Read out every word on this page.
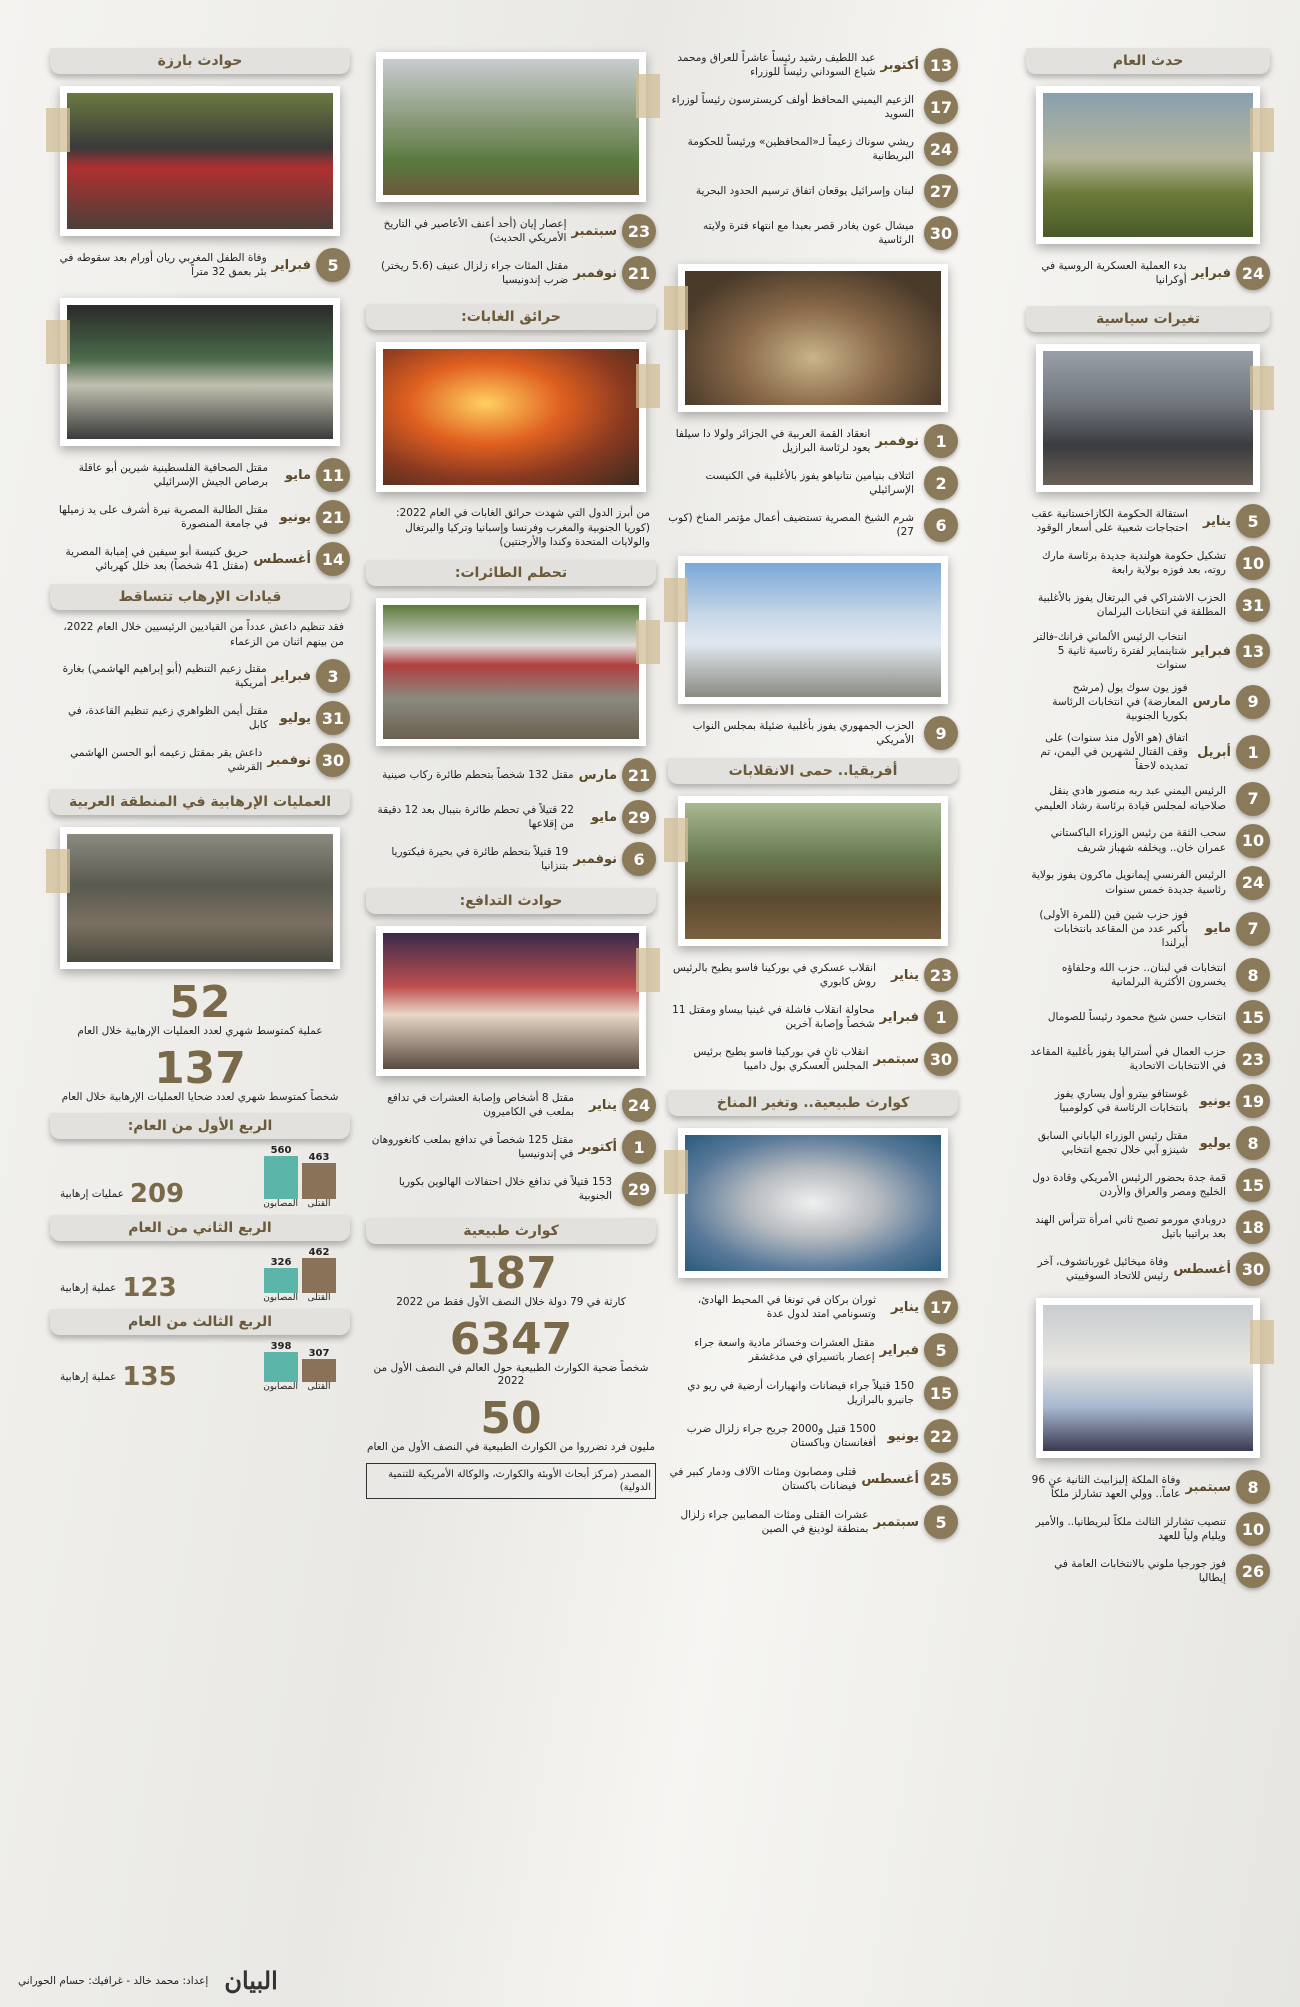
حدث العام
24
فبراير
بدء العملية العسكرية الروسية في أوكرانيا
تغيرات سياسية
5
يناير
استقالة الحكومة الكازاخستانية عقب احتجاجات شعبية على أسعار الوقود
10
تشكيل حكومة هولندية جديدة برئاسة مارك روته، بعد فوزه بولاية رابعة
31
الحزب الاشتراكي في البرتغال يفوز بالأغلبية المطلقة في انتخابات البرلمان
13
فبراير
انتخاب الرئيس الألماني فرانك-فالتر شتاينماير لفترة رئاسية ثانية 5 سنوات
9
مارس
فوز يون سوك يول (مرشح المعارضة) في انتخابات الرئاسة بكوريا الجنوبية
1
أبريل
اتفاق (هو الأول منذ سنوات) على وقف القتال لشهرين في اليمن، تم تمديده لاحقاً
7
الرئيس اليمني عبد ربه منصور هادي ينقل صلاحياته لمجلس قيادة برئاسة رشاد العليمي
10
سحب الثقة من رئيس الوزراء الباكستاني عمران خان.. ويخلفه شهباز شريف
24
الرئيس الفرنسي إيمانويل ماكرون يفوز بولاية رئاسية جديدة خمس سنوات
7
مايو
فوز حزب شين فين (للمرة الأولى) بأكبر عدد من المقاعد بانتخابات أيرلندا
8
انتخابات في لبنان.. حزب الله وحلفاؤه يخسرون الأكثرية البرلمانية
15
انتخاب حسن شيخ محمود رئيساً للصومال
23
حزب العمال في أستراليا يفوز بأغلبية المقاعد في الانتخابات الاتحادية
19
يونيو
غوستافو بيترو أول يساري يفوز بانتخابات الرئاسة في كولومبيا
8
يوليو
مقتل رئيس الوزراء الياباني السابق شينزو آبي خلال تجمع انتخابي
15
قمة جدة بحضور الرئيس الأمريكي وقادة دول الخليج ومصر والعراق والأردن
18
دروبادي مورمو تصبح ثاني امرأة تترأس الهند بعد براتيبا باتيل
30
أغسطس
وفاة ميخائيل غورباتشوف، آخر رئيس للاتحاد السوفييتي
8
سبتمبر
وفاة الملكة إليزابيث الثانية عن 96 عاماً.. وولي العهد تشارلز ملكاً
10
تنصيب تشارلز الثالث ملكاً لبريطانيا.. والأمير ويليام ولياً للعهد
26
فوز جورجيا ملوني بالانتخابات العامة في إيطاليا
13
أكتوبر
عبد اللطيف رشيد رئيساً عاشراً للعراق ومحمد شياع السوداني رئيساً للوزراء
17
الزعيم اليميني المحافظ أولف كريسترسون رئيساً لوزراء السويد
24
ريشي سوناك زعيماً لـ«المحافظين» ورئيساً للحكومة البريطانية
27
لبنان وإسرائيل يوقعان اتفاق ترسيم الحدود البحرية
30
ميشال عون يغادر قصر بعبدا مع انتهاء فترة ولايته الرئاسية
1
نوفمبر
انعقاد القمة العربية في الجزائر ولولا دا سيلفا يعود لرئاسة البرازيل
2
ائتلاف بنيامين نتانياهو يفوز بالأغلبية في الكنيست الإسرائيلي
6
شرم الشيخ المصرية تستضيف أعمال مؤتمر المناخ (كوب 27)
9
الحزب الجمهوري يفوز بأغلبية ضئيلة بمجلس النواب الأمريكي
أفريقيا.. حمى الانقلابات
23
يناير
انقلاب عسكري في بوركينا فاسو يطيح بالرئيس روش كابوري
1
فبراير
محاولة انقلاب فاشلة في غينيا بيساو ومقتل 11 شخصاً وإصابة آخرين
30
سبتمبر
انقلاب ثانٍ في بوركينا فاسو يطيح برئيس المجلس العسكري بول داميبا
كوارث طبيعية.. وتغير المناخ
17
يناير
ثوران بركان في تونغا في المحيط الهادئ، وتسونامي امتد لدول عدة
5
فبراير
مقتل العشرات وخسائر مادية واسعة جراء إعصار باتسيراي في مدغشقر
15
150 قتيلاً جراء فيضانات وانهيارات أرضية في ريو دي جانيرو بالبرازيل
22
يونيو
1500 قتيل و2000 جريح جراء زلزال ضرب أفغانستان وباكستان
25
أغسطس
قتلى ومصابون ومئات الآلاف ودمار كبير في فيضانات باكستان
5
سبتمبر
عشرات القتلى ومئات المصابين جراء زلزال بمنطقة لودينغ في الصين
23
سبتمبر
إعصار إيان (أحد أعنف الأعاصير في التاريخ الأمريكي الحديث)
21
نوفمبر
مقتل المئات جراء زلزال عنيف (5.6 ريختر) ضرب إندونيسيا
حرائق الغابات:
من أبرز الدول التي شهدت حرائق الغابات في العام 2022: (كوريا الجنوبية والمغرب وفرنسا وإسبانيا وتركيا والبرتغال والولايات المتحدة وكندا والأرجنتين)
تحطم الطائرات:
21
مارس
مقتل 132 شخصاً بتحطم طائرة ركاب صينية
29
مايو
22 قتيلاً في تحطم طائرة بنيبال بعد 12 دقيقة من إقلاعها
6
نوفمبر
19 قتيلاً بتحطم طائرة في بحيرة فيكتوريا بتنزانيا
حوادث التدافع:
24
يناير
مقتل 8 أشخاص وإصابة العشرات في تدافع بملعب في الكاميرون
1
أكتوبر
مقتل 125 شخصاً في تدافع بملعب كانغوروهان في إندونيسيا
29
153 قتيلاً في تدافع خلال احتفالات الهالوين بكوريا الجنوبية
كوارث طبيعية
187
كارثة في 79 دولة خلال النصف الأول فقط من 2022
6347
شخصاً ضحية الكوارث الطبيعية حول العالم في النصف الأول من 2022
50
مليون فرد تضرروا من الكوارث الطبيعية في النصف الأول من العام
المصدر (مركز أبحاث الأوبئة والكوارث، والوكالة الأمريكية للتنمية الدولية)
حوادث بارزة
5
فبراير
وفاة الطفل المغربي ريان أورام بعد سقوطه في بئر بعمق 32 متراً
11
مايو
مقتل الصحافية الفلسطينية شيرين أبو عاقلة برصاص الجيش الإسرائيلي
21
يونيو
مقتل الطالبة المصرية نيرة أشرف على يد زميلها في جامعة المنصورة
14
أغسطس
حريق كنيسة أبو سيفين في إمبابة المصرية (مقتل 41 شخصاً) بعد خلل كهربائي
قيادات الإرهاب تتساقط
فقد تنظيم داعش عدداً من القياديين الرئيسيين خلال العام 2022، من بينهم اثنان من الزعماء
3
فبراير
مقتل زعيم التنظيم (أبو إبراهيم الهاشمي) بغارة أمريكية
31
يوليو
مقتل أيمن الظواهري زعيم تنظيم القاعدة، في كابل
30
نوفمبر
داعش يقر بمقتل زعيمه أبو الحسن الهاشمي القرشي
العمليات الإرهابية في المنطقة العربية
52
عملية كمتوسط شهري لعدد العمليات الإرهابية خلال العام
137
شخصاً كمتوسط شهري لعدد ضحايا العمليات الإرهابية خلال العام
الربع الأول من العام:
463
560
القتلى
المصابون
209
عمليات إرهابية
الربع الثاني من العام
462
326
القتلى
المصابون
123
عملية إرهابية
الربع الثالث من العام
307
398
القتلى
المصابون
135
عملية إرهابية
البيان
إعداد: محمد خالد - غرافيك: حسام الحوراني
